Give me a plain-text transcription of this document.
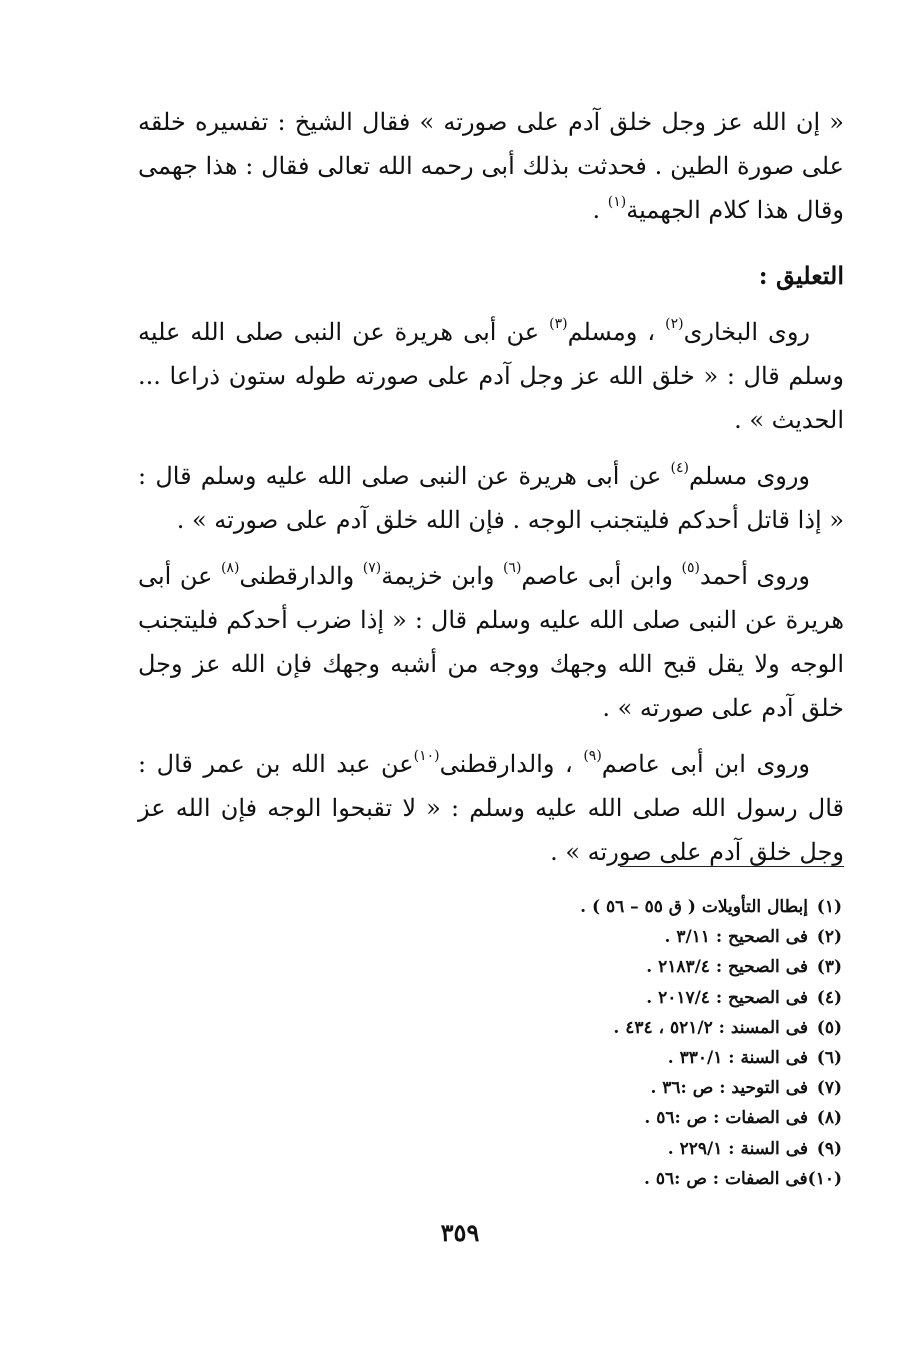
« إن الله عز وجل خلق آدم على صورته » فقال الشيخ : تفسيره خلقه على صورة الطين . فحدثت بذلك أبى رحمه الله تعالى فقال : هذا جهمى وقال هذا كلام الجهمية$^{(١)}$ .

التعليق :

روى البخارى$^{(٢)}$ ، ومسلم$^{(٣)}$ عن أبى هريرة عن النبى صلى الله عليه وسلم قال : « خلق الله عز وجل آدم على صورته طوله ستون ذراعا ... الحديث » .

وروى مسلم$^{(٤)}$ عن أبى هريرة عن النبى صلى الله عليه وسلم قال : « إذا قاتل أحدكم فليتجنب الوجه . فإن الله خلق آدم على صورته » .

وروى أحمد$^{(٥)}$ وابن أبى عاصم$^{(٦)}$ وابن خزيمة$^{(٧)}$ والدارقطنى$^{(٨)}$ عن أبى هريرة عن النبى صلى الله عليه وسلم قال : « إذا ضرب أحدكم فليتجنب الوجه ولا يقل قبح الله وجهك ووجه من أشبه وجهك فإن الله عز وجل خلق آدم على صورته » .

وروى ابن أبى عاصم$^{(٩)}$ ، والدارقطنى$^{(١٠)}$عن عبد الله بن عمر قال : قال رسول الله صلى الله عليه وسلم : « لا تقبحوا الوجه فإن الله عز وجل خلق آدم على صورته » .

(١)إبطال التأويلات ( ق ٥٥ – ٥٦ ) .
(٢)فى الصحيح : ٣/١١ .
(٣)فى الصحيح : ٢١٨٣/٤ .
(٤)فى الصحيح : ٢٠١٧/٤ .
(٥)فى المسند : ٥٢١/٢ ، ٤٣٤ .
(٦)فى السنة : ٣٣٠/١ .
(٧)فى التوحيد : ص :٣٦ .
(٨)فى الصفات : ص :٥٦ .
(٩)فى السنة : ٢٢٩/١ .
(١٠)فى الصفات : ص :٥٦ .
٣٥٩
